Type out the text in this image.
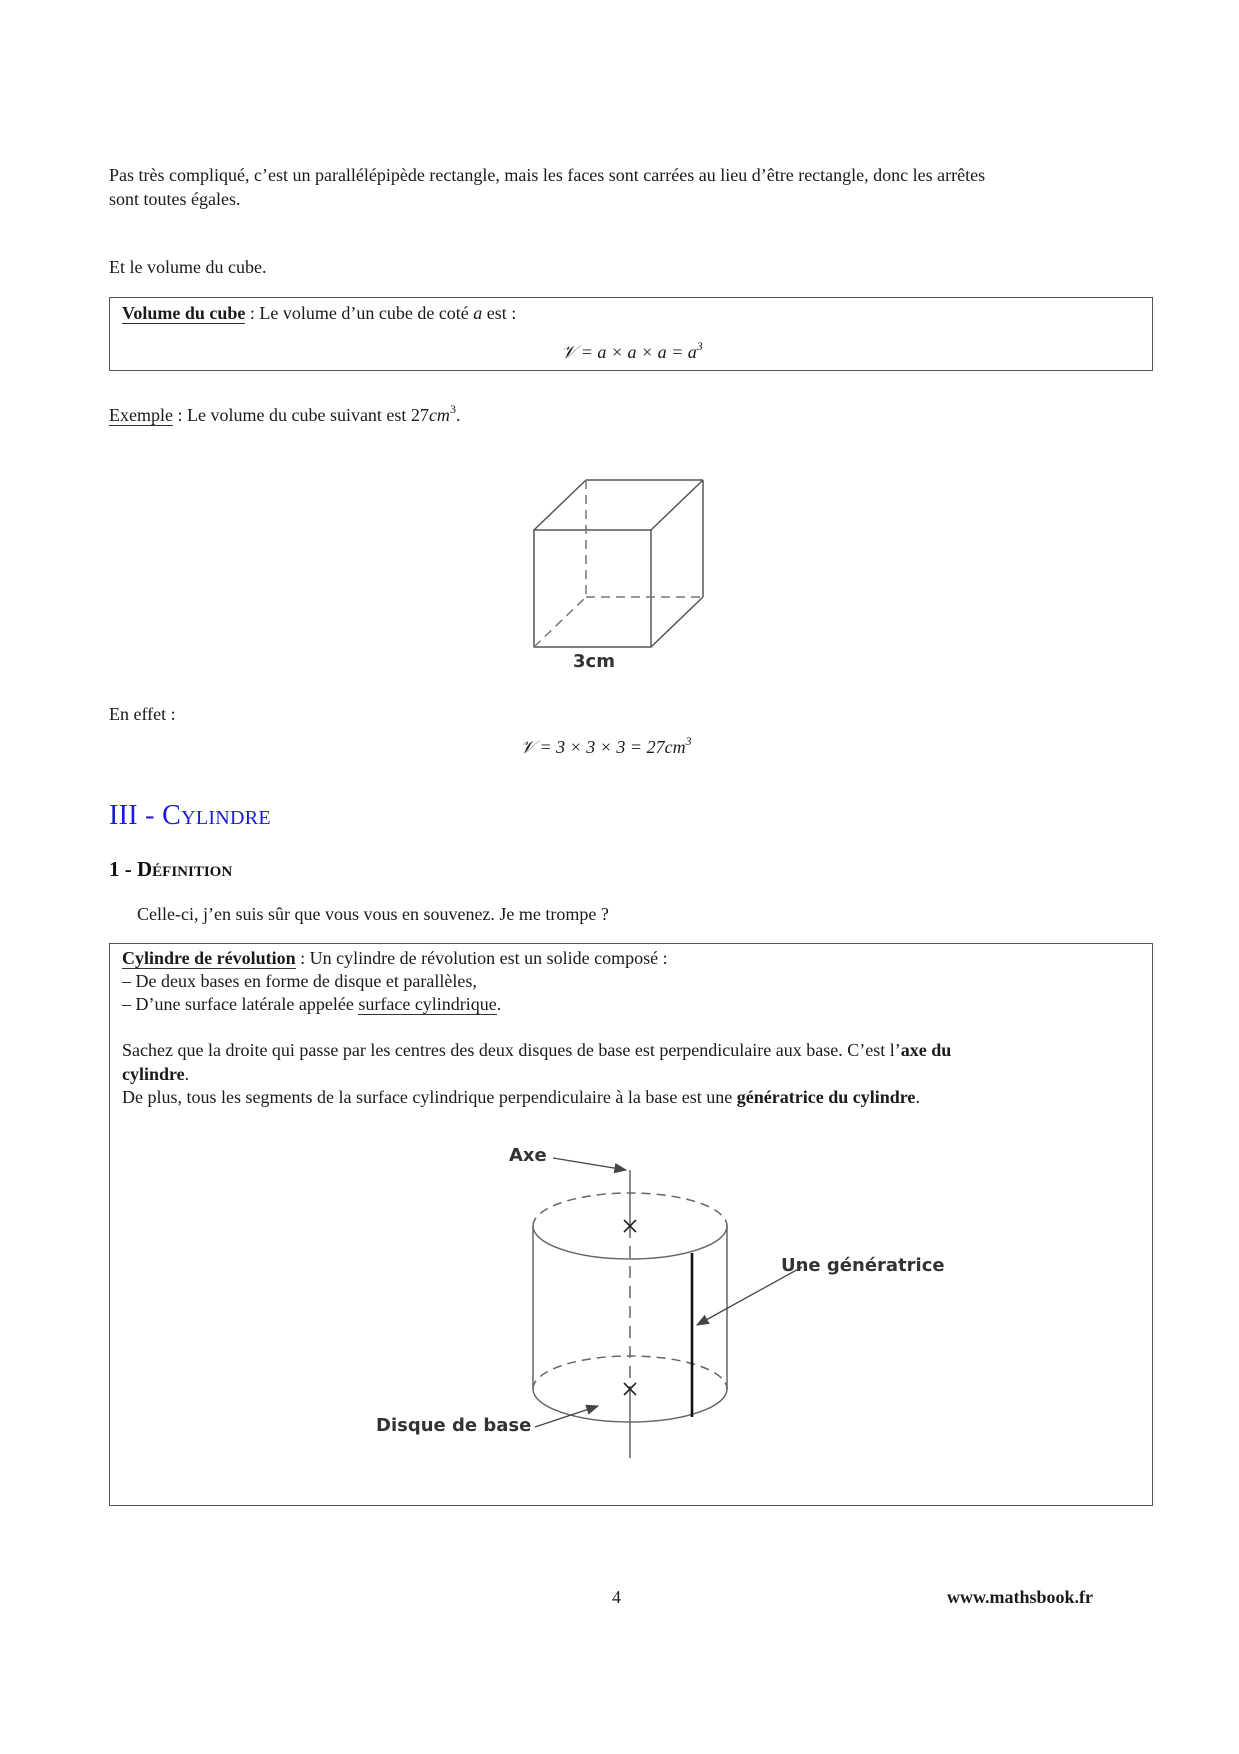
Pas très compliqué, c’est un parallélépipède rectangle, mais les faces sont carrées au lieu d’être rectangle, donc les arrêtes
sont toutes égales.
Et le volume du cube.
Volume du cube : Le volume d’un cube de coté a est :
𝒱 = $a \times a \times a = a^3$
Exemple : Le volume du cube suivant est $27cm^3$.
3cm
En effet :
𝒱 = $3 \times 3 \times 3 = 27cm^3$
III - Cylindre
1 - Définition
Celle-ci, j’en suis sûr que vous vous en souvenez. Je me trompe ?
Cylindre de révolution : Un cylindre de révolution est un solide composé :
– De deux bases en forme de disque et parallèles,
– D’une surface latérale appelée surface cylindrique.
Sachez que la droite qui passe par les centres des deux disques de base est perpendiculaire aux base. C’est l’axe du
cylindre.
De plus, tous les segments de la surface cylindrique perpendiculaire à la base est une génératrice du cylindre.
Axe
Une génératrice
Disque de base
4	www.mathsbook.fr
